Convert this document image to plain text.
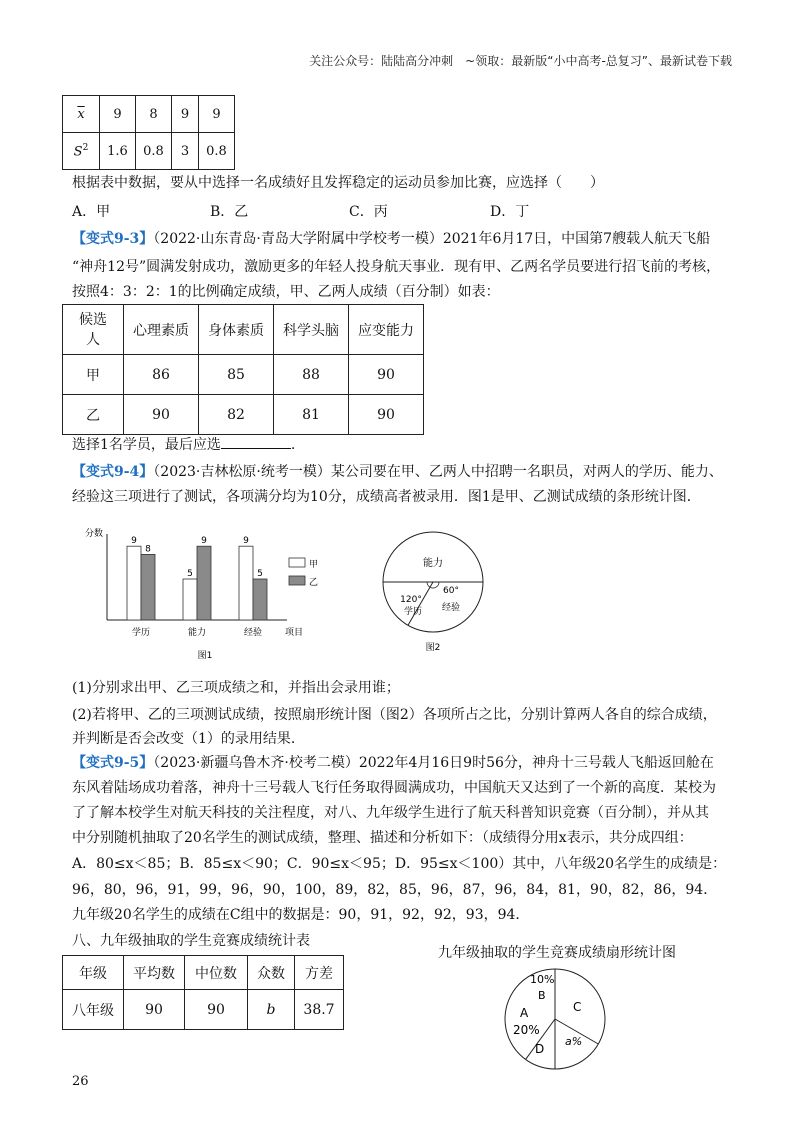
关注公众号：陆陆高分冲刺　~领取：最新版“小中高考-总复习”、最新试卷下载
$\overline{x}$	9	8	9	9
$S^2$	1.6	0.8	3	0.8
根据表中数据，要从中选择一名成绩好且发挥稳定的运动员参加比赛，应选择（　　）
A．甲	B．乙	C．丙	D．丁
【变式9-3】（2022·山东青岛·青岛大学附属中学校考一模）2021年6月17日，中国第7艘载人航天飞船
“神舟12号”圆满发射成功，激励更多的年轻人投身航天事业．现有甲、乙两名学员要进行招飞前的考核，
按照4：3：2：1的比例确定成绩，甲、乙两人成绩（百分制）如表：
候选人	心理素质	身体素质	科学头脑	应变能力
甲	86	85	88	90
乙	90	82	81	90
选择1名学员，最后应选	.
【变式9-4】（2023·吉林松原·统考一模）某公司要在甲、乙两人中招聘一名职员，对两人的学历、能力、
经验这三项进行了测试，各项满分均为10分，成绩高者被录用．图1是甲、乙测试成绩的条形统计图．
分数
项目
9
8
学历
5
9
能力
9
5
经验
甲
乙
图1
能力
120°
学历
60°
经验
图2
(1)分别求出甲、乙三项成绩之和，并指出会录用谁；
(2)若将甲、乙的三项测试成绩，按照扇形统计图（图2）各项所占之比，分别计算两人各自的综合成绩，
并判断是否会改变（1）的录用结果．
【变式9-5】（2023·新疆乌鲁木齐·校考二模）2022年4月16日9时56分，神舟十三号载人飞船返回舱在
东风着陆场成功着落，神舟十三号载人飞行任务取得圆满成功，中国航天又达到了一个新的高度．某校为
了了解本校学生对航天科技的关注程度，对八、九年级学生进行了航天科普知识竞赛（百分制），并从其
中分别随机抽取了20名学生的测试成绩，整理、描述和分析如下：（成绩得分用x表示，共分成四组：
A．80≤x＜85；B．85≤x＜90；C．90≤x＜95；D．95≤x＜100）其中，八年级20名学生的成绩是：
96，80，96，91，99，96，90，100，89，82，85，96，87，96，84，81，90，82，86，94．
九年级20名学生的成绩在C组中的数据是：90，91，92，92，93，94．
八、九年级抽取的学生竞赛成绩统计表
年级	平均数	中位数	众数	方差
八年级	90	90	b	38.7
九年级抽取的学生竞赛成绩扇形统计图
A
20%
B
10%
C
D
a%
26
